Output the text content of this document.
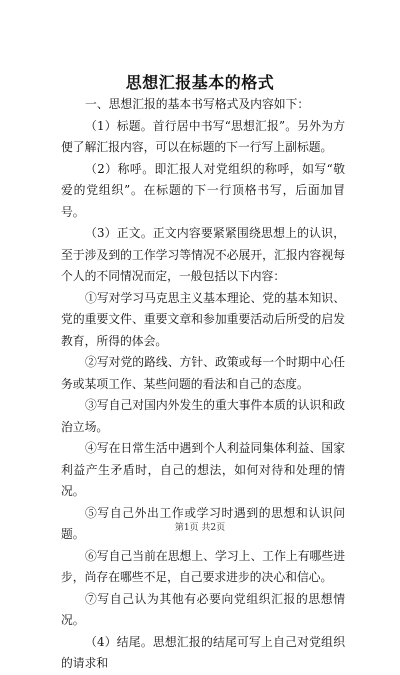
思想汇报基本的格式

一、思想汇报的基本书写格式及内容如下：

（1）标题。首行居中书写“思想汇报”。另外为方便了解汇报内容，可以在标题的下一行写上副标题。

（2）称呼。即汇报人对党组织的称呼，如写“敬爱的党组织”。在标题的下一行顶格书写，后面加冒号。

（3）正文。正文内容要紧紧围绕思想上的认识，至于涉及到的工作学习等情况不必展开，汇报内容视每个人的不同情况而定，一般包括以下内容：

①写对学习马克思主义基本理论、党的基本知识、党的重要文件、重要文章和参加重要活动后所受的启发教育，所得的体会。

②写对党的路线、方针、政策或每一个时期中心任务或某项工作、某些问题的看法和自己的态度。

③写自己对国内外发生的重大事件本质的认识和政治立场。

④写在日常生活中遇到个人利益同集体利益、国家利益产生矛盾时，自己的想法，如何对待和处理的情况。

⑤写自己外出工作或学习时遇到的思想和认识问题。

⑥写自己当前在思想上、学习上、工作上有哪些进步，尚存在哪些不足，自己要求进步的决心和信心。

⑦写自己认为其他有必要向党组织汇报的思想情况。

（4）结尾。思想汇报的结尾可写上自己对党组织的请求和

第1页 共2页
